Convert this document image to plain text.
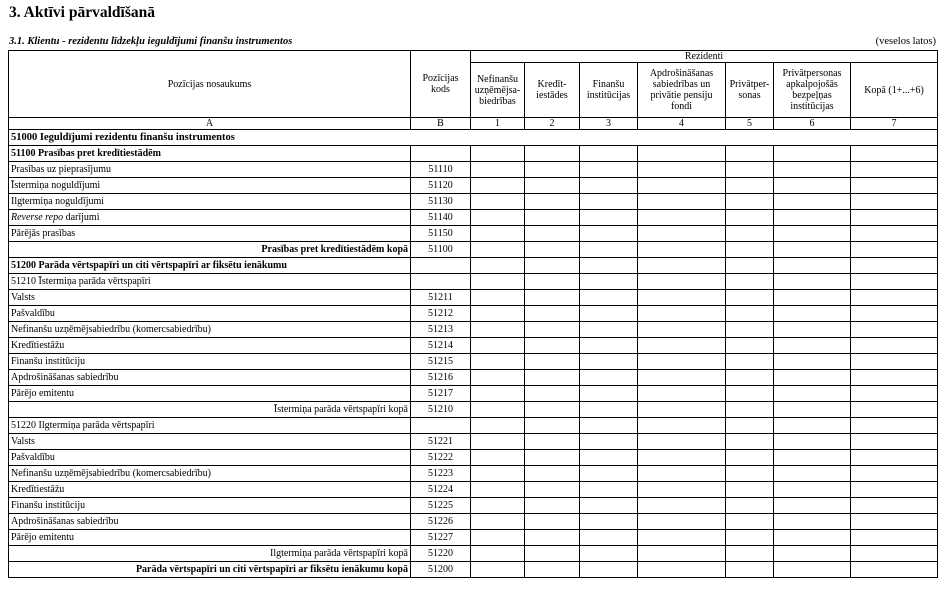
3. Aktīvi pārvaldīšanā
3.1. Klientu - rezidentu līdzekļu ieguldījumi finanšu instrumentos	(veselos latos)
Pozīcijas nosaukums	Pozīcijas kods	Rezidenti						
		Nefinanšu uzņēmējsa-biedrības	Kredīt-iestādes	Finanšu institūcijas	Apdrošināšanas sabiedrības un privātie pensiju fondi	Privātper-sonas	Privātpersonas apkalpojošās bezpeļņas institūcijas	Kopā (1+...+6)
A	B	1	2	3	4	5	6	7
51000 Ieguldījumi rezidentu finanšu instrumentos								
51100 Prasības pret kredītiestādēm								
Prasības uz pieprasījumu	51110							
Īstermiņa noguldījumi	51120							
Ilgtermiņa noguldījumi	51130							
Reverse repo darījumi	51140							
Pārējās prasības	51150							
Prasības pret kredītiestādēm kopā	51100							
51200 Parāda vērtspapīri un citi vērtspapīri ar fiksētu ienākumu								
51210 Īstermiņa parāda vērtspapīri								
Valsts	51211							
Pašvaldību	51212							
Nefinanšu uzņēmējsabiedrību (komercsabiedrību)	51213							
Kredītiestāžu	51214							
Finanšu institūciju	51215							
Apdrošināšanas sabiedrību	51216							
Pārējo emitentu	51217							
Īstermiņa parāda vērtspapīri kopā	51210							
51220 Ilgtermiņa parāda vērtspapīri								
Valsts	51221							
Pašvaldību	51222							
Nefinanšu uzņēmējsabiedrību (komercsabiedrību)	51223							
Kredītiestāžu	51224							
Finanšu institūciju	51225							
Apdrošināšanas sabiedrību	51226							
Pārējo emitentu	51227							
Ilgtermiņa parāda vērtspapīri kopā	51220							
Parāda vērtspapīri un citi vērtspapīri ar fiksētu ienākumu kopā	51200							
